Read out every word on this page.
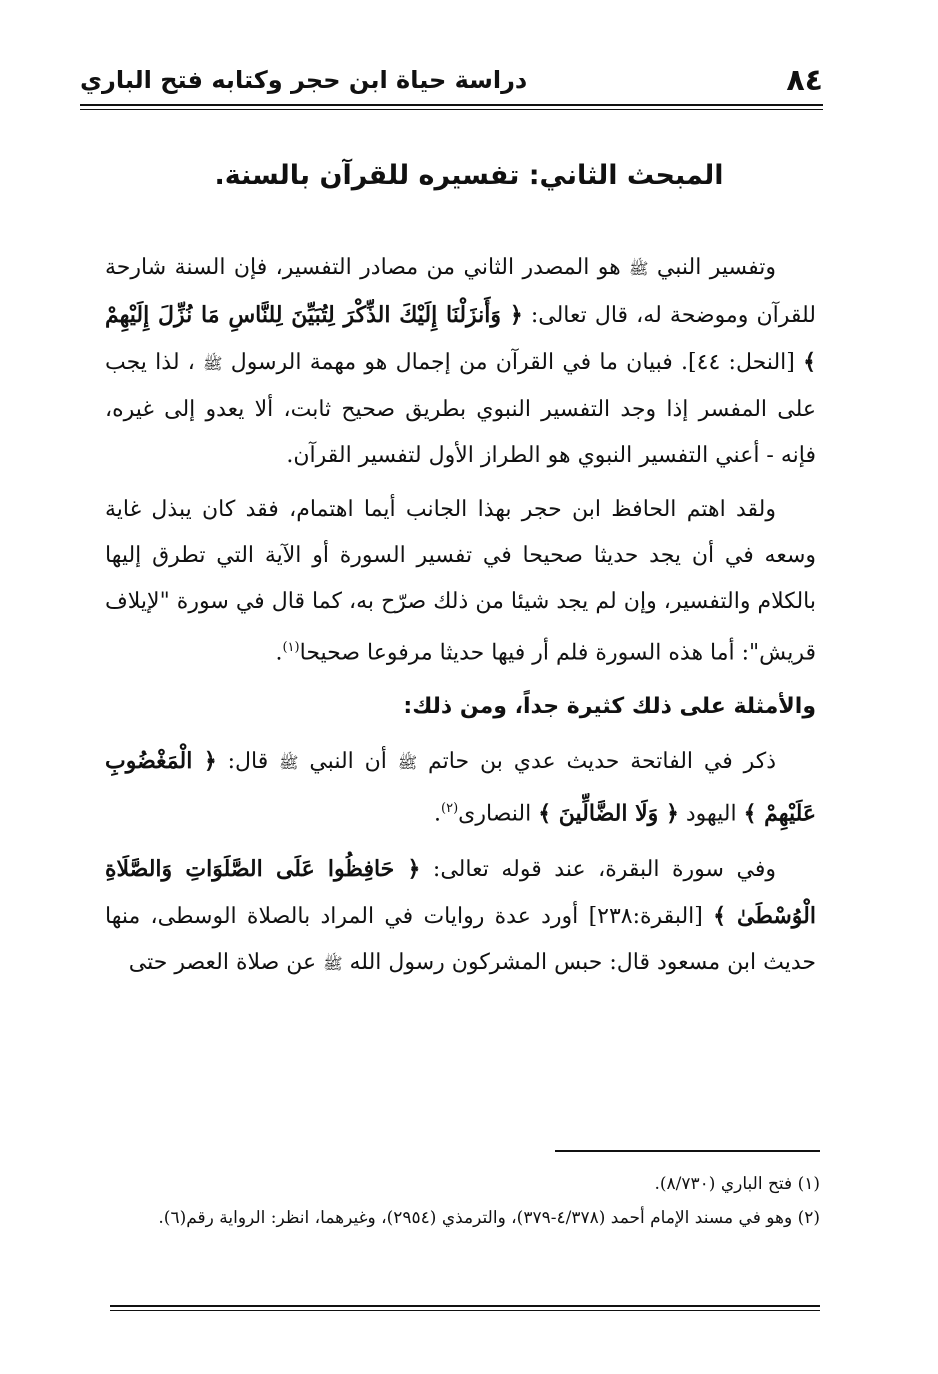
٨٤
دراسة حياة ابن حجر وكتابه فتح الباري
المبحث الثاني: تفسيره للقرآن بالسنة.

وتفسير النبي ﷺ هو المصدر الثاني من مصادر التفسير، فإن السنة شارحة للقرآن وموضحة له، قال تعالى: ﴿ وَأَنزَلْنَا إِلَيْكَ الذِّكْرَ لِتُبَيِّنَ لِلنَّاسِ مَا نُزِّلَ إِلَيْهِمْ ﴾ [النحل: ٤٤]. فبيان ما في القرآن من إجمال هو مهمة الرسول ﷺ ، لذا يجب على المفسر إذا وجد التفسير النبوي بطريق صحيح ثابت، ألا يعدو إلى غيره، فإنه - أعني التفسير النبوي هو الطراز الأول لتفسير القرآن.

ولقد اهتم الحافظ ابن حجر بهذا الجانب أيما اهتمام، فقد كان يبذل غاية وسعه في أن يجد حديثا صحيحا في تفسير السورة أو الآية التي تطرق إليها بالكلام والتفسير، وإن لم يجد شيئا من ذلك صرّح به، كما قال في سورة "لإيلاف قريش": أما هذه السورة فلم أر فيها حديثا مرفوعا صحيحا$^{(١)}$.

والأمثلة على ذلك كثيرة جداً، ومن ذلك:

ذكر في الفاتحة حديث عدي بن حاتم ﷺ أن النبي ﷺ قال: ﴿ الْمَغْضُوبِ عَلَيْهِمْ ﴾ اليهود ﴿ وَلَا الضَّالِّينَ ﴾ النصارى$^{(٢)}$.

وفي سورة البقرة، عند قوله تعالى: ﴿ حَافِظُوا عَلَى الصَّلَوَاتِ وَالصَّلَاةِ الْوُسْطَىٰ ﴾ [البقرة:٢٣٨] أورد عدة روايات في المراد بالصلاة الوسطى، منها حديث ابن مسعود قال: حبس المشركون رسول الله ﷺ عن صلاة العصر حتى

(١) فتح الباري (٨/٧٣٠).

(٢) وهو في مسند الإمام أحمد (٤/٣٧٨-٣٧٩)، والترمذي (٢٩٥٤)، وغيرهما، انظر: الرواية رقم(٦).
